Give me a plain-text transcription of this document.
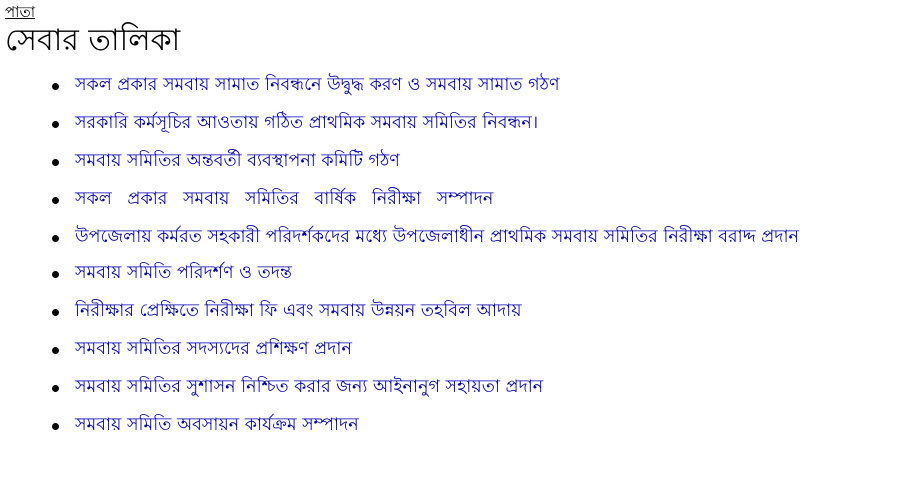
পাতা
সেবার তালিকা
সকল প্রকার সমবায় সামাত নিবন্ধনে উদ্বুদ্ধ করণ ও সমবায় সামাত গঠণ
সরকারি কর্মসূচির আওতায় গঠিত প্রাথমিক সমবায় সমিতির নিবন্ধন।
সমবায় সমিতির অন্তবর্তী ব্যবস্থাপনা কমিটি গঠণ
সকল প্রকার সমবায় সমিতির বার্ষিক নিরীক্ষা সম্পাদন
উপজেলায় কর্মরত সহকারী পরিদর্শকদের মধ্যে উপজেলাধীন প্রাথমিক সমবায় সমিতির নিরীক্ষা বরাদ্দ প্রদান
সমবায় সমিতি পরিদর্শণ ও তদন্ত
নিরীক্ষার প্রেক্ষিতে নিরীক্ষা ফি এবং সমবায় উন্নয়ন তহবিল আদায়
সমবায় সমিতির সদস্যদের প্রশিক্ষণ প্রদান
সমবায় সমিতির সুশাসন নিশ্চিত করার জন্য আইনানুগ সহায়তা প্রদান
সমবায় সমিতি অবসায়ন কার্যক্রম সম্পাদন
